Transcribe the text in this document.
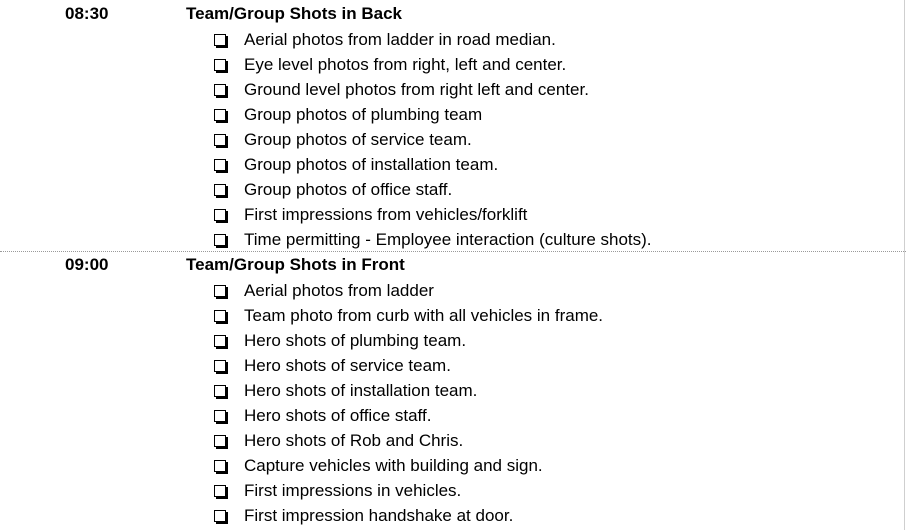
08:30	Team/Group Shots in Back
Aerial photos from ladder in road median.
Eye level photos from right, left and center.
Ground level photos from right left and center.
Group photos of plumbing team
Group photos of service team.
Group photos of installation team.
Group photos of office staff.
First impressions from vehicles/forklift
Time permitting - Employee interaction (culture shots).
09:00	Team/Group Shots in Front
Aerial photos from ladder
Team photo from curb with all vehicles in frame.
Hero shots of plumbing team.
Hero shots of service team.
Hero shots of installation team.
Hero shots of office staff.
Hero shots of Rob and Chris.
Capture vehicles with building and sign.
First impressions in vehicles.
First impression handshake at door.
